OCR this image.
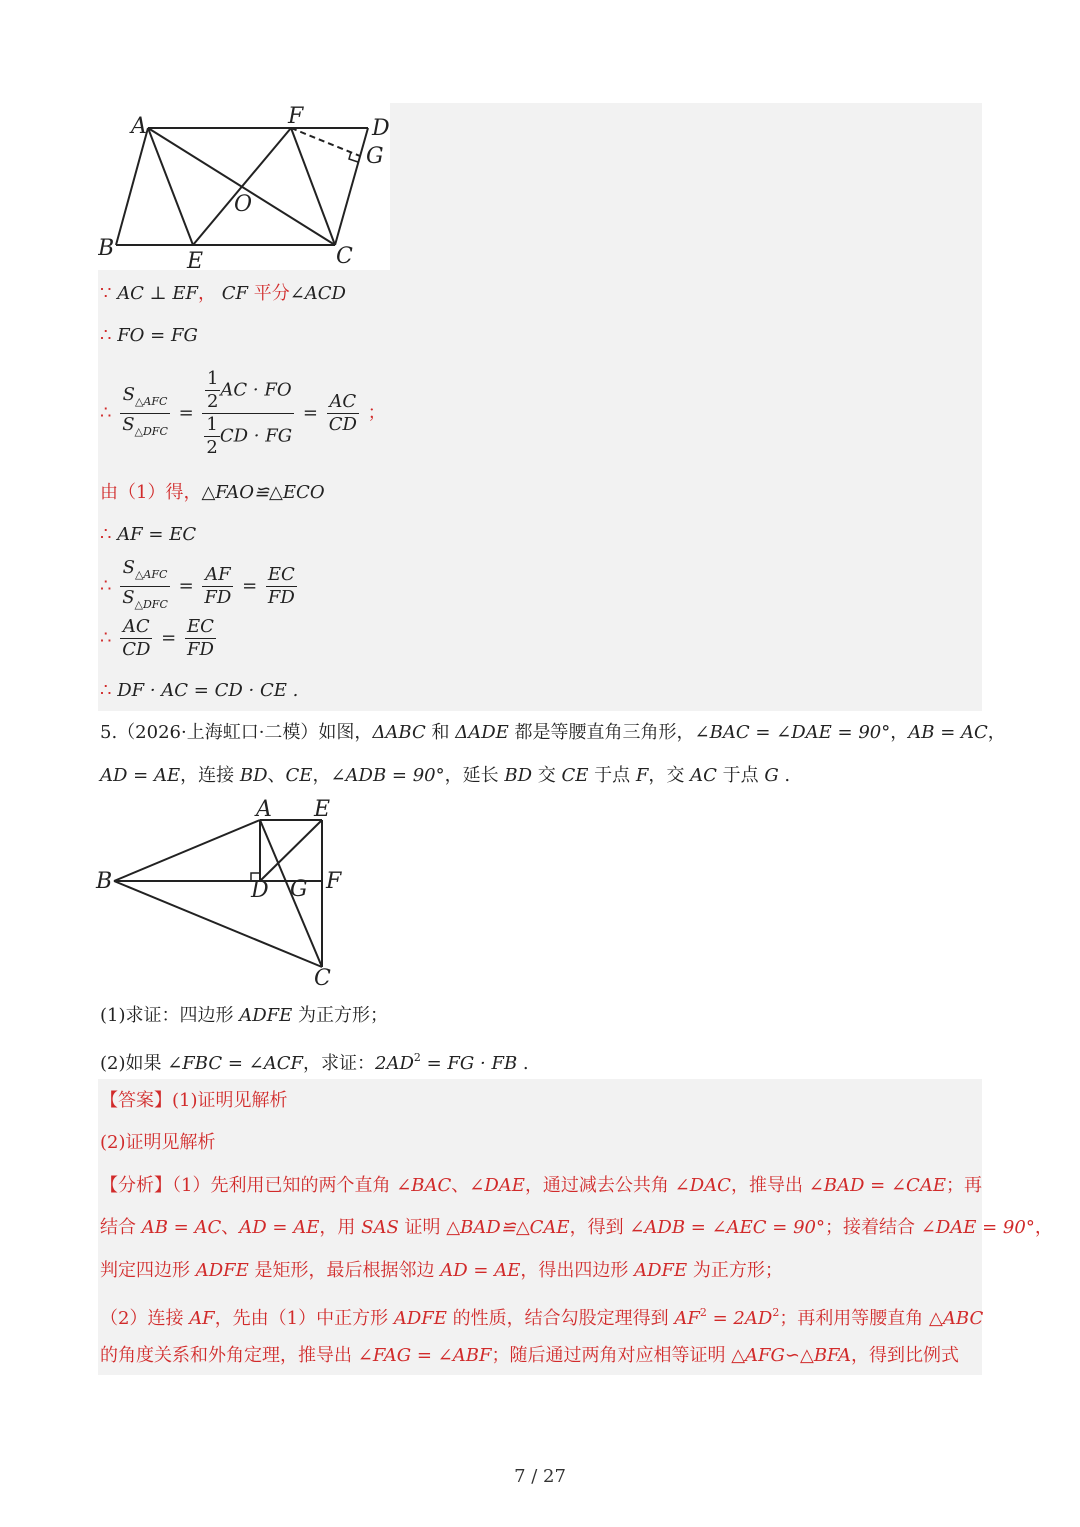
A	F	D
G
O
B
E	C
∵ AC ⊥ EF， CF 平分∠ACD
∴ FO = FG
∴ $\frac{S_{\triangle AFC}}{S_{\triangle DFC}} = \frac{\frac{1}{2} AC \cdot FO}{\frac{1}{2} CD \cdot FG} = \frac{AC}{CD}$ ；
由（1）得，△FAO≌△ECO
∴ AF = EC
∴ $\frac{S_{\triangle AFC}}{S_{\triangle DFC}} = \frac{AF}{FD} = \frac{EC}{FD}$
∴ $\frac{AC}{CD} = \frac{EC}{FD}$
∴ DF · AC = CD · CE .
5.（2026·上海虹口·二模）如图，ΔABC 和 ΔADE 都是等腰直角三角形，∠BAC = ∠DAE = 90°，AB = AC，
AD = AE，连接 BD、CE，∠ADB = 90°，延长 BD 交 CE 于点 F，交 AC 于点 G .
A E
B	D G F
C
(1)求证：四边形 ADFE 为正方形；
(2)如果 ∠FBC = ∠ACF，求证：$2AD^2$ = FG · FB .
【答案】(1)证明见解析
(2)证明见解析
【分析】（1）先利用已知的两个直角 ∠BAC、∠DAE，通过减去公共角 ∠DAC，推导出 ∠BAD = ∠CAE；再
结合 AB = AC、AD = AE，用 SAS 证明 △BAD≌△CAE，得到 ∠ADB = ∠AEC = 90°；接着结合 ∠DAE = 90°，
判定四边形 ADFE 是矩形，最后根据邻边 AD = AE，得出四边形 ADFE 为正方形；
（2）连接 AF，先由（1）中正方形 ADFE 的性质，结合勾股定理得到 $AF^2 = 2AD^2$；再利用等腰直角 △ABC
的角度关系和外角定理，推导出 ∠FAG = ∠ABF；随后通过两角对应相等证明 △AFG∽△BFA，得到比例式
7 / 27
